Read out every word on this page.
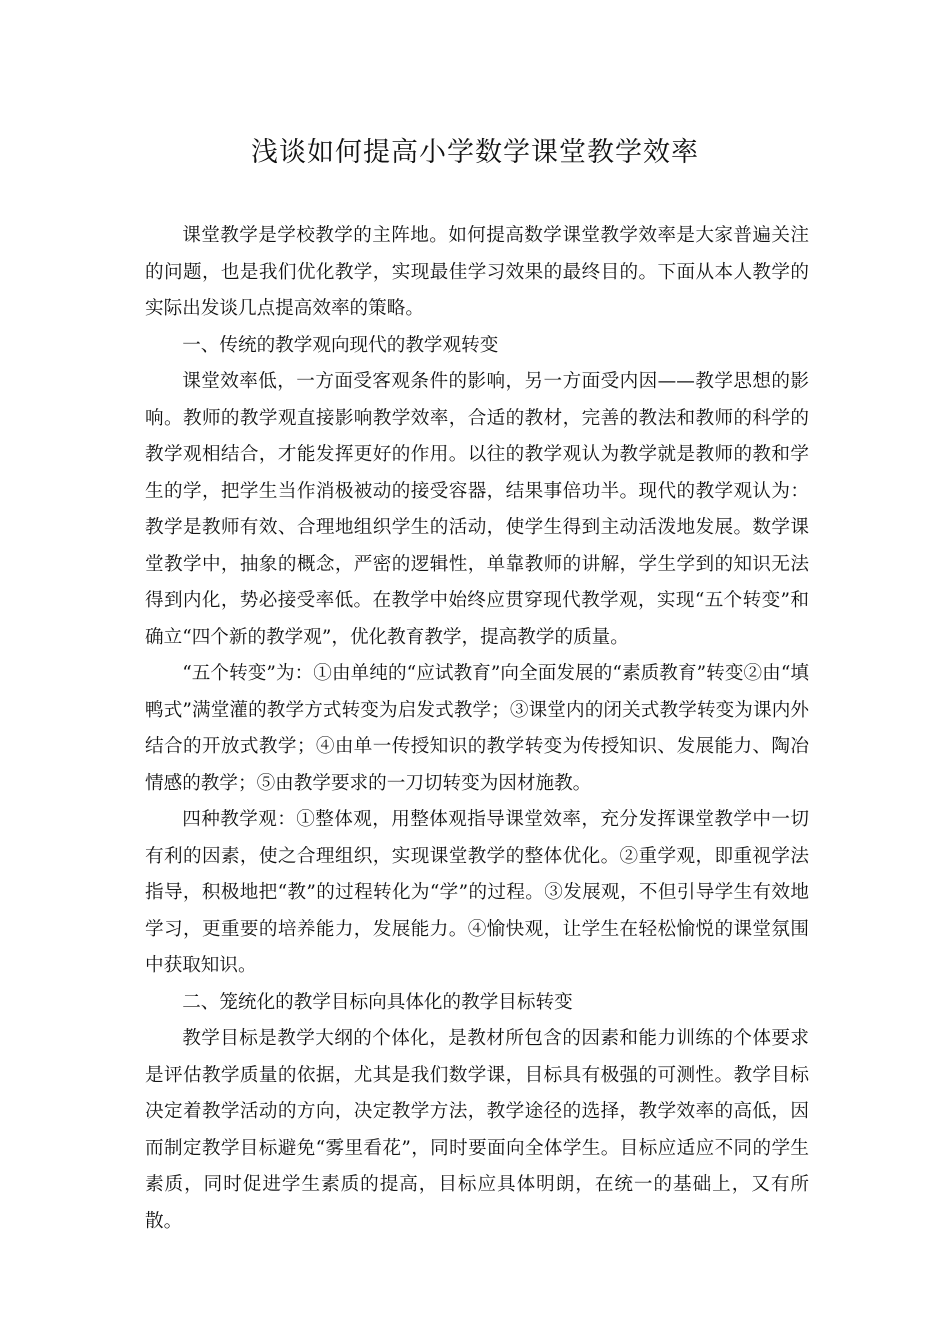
浅谈如何提高小学数学课堂教学效率

课堂教学是学校教学的主阵地。如何提高数学课堂教学效率是大家普遍关注的问题，也是我们优化教学，实现最佳学习效果的最终目的。下面从本人教学的实际出发谈几点提高效率的策略。

一、传统的教学观向现代的教学观转变

课堂效率低，一方面受客观条件的影响，另一方面受内因——教学思想的影响。教师的教学观直接影响教学效率，合适的教材，完善的教法和教师的科学的教学观相结合，才能发挥更好的作用。以往的教学观认为教学就是教师的教和学生的学，把学生当作消极被动的接受容器，结果事倍功半。现代的教学观认为：教学是教师有效、合理地组织学生的活动，使学生得到主动活泼地发展。数学课堂教学中，抽象的概念，严密的逻辑性，单靠教师的讲解，学生学到的知识无法得到内化，势必接受率低。在教学中始终应贯穿现代教学观，实现“五个转变”和确立“四个新的教学观”，优化教育教学，提高教学的质量。

“五个转变”为：①由单纯的“应试教育”向全面发展的“素质教育”转变②由“填鸭式”满堂灌的教学方式转变为启发式教学；③课堂内的闭关式教学转变为课内外结合的开放式教学；④由单一传授知识的教学转变为传授知识、发展能力、陶冶情感的教学；⑤由教学要求的一刀切转变为因材施教。

四种教学观：①整体观，用整体观指导课堂效率，充分发挥课堂教学中一切有利的因素，使之合理组织，实现课堂教学的整体优化。②重学观，即重视学法指导，积极地把“教”的过程转化为“学”的过程。③发展观，不但引导学生有效地学习，更重要的培养能力，发展能力。④愉快观，让学生在轻松愉悦的课堂氛围中获取知识。

二、笼统化的教学目标向具体化的教学目标转变

教学目标是教学大纲的个体化，是教材所包含的因素和能力训练的个体要求是评估教学质量的依据，尤其是我们数学课，目标具有极强的可测性。教学目标决定着教学活动的方向，决定教学方法，教学途径的选择，教学效率的高低，因而制定教学目标避免“雾里看花”，同时要面向全体学生。目标应适应不同的学生素质，同时促进学生素质的提高，目标应具体明朗，在统一的基础上，又有所散。
